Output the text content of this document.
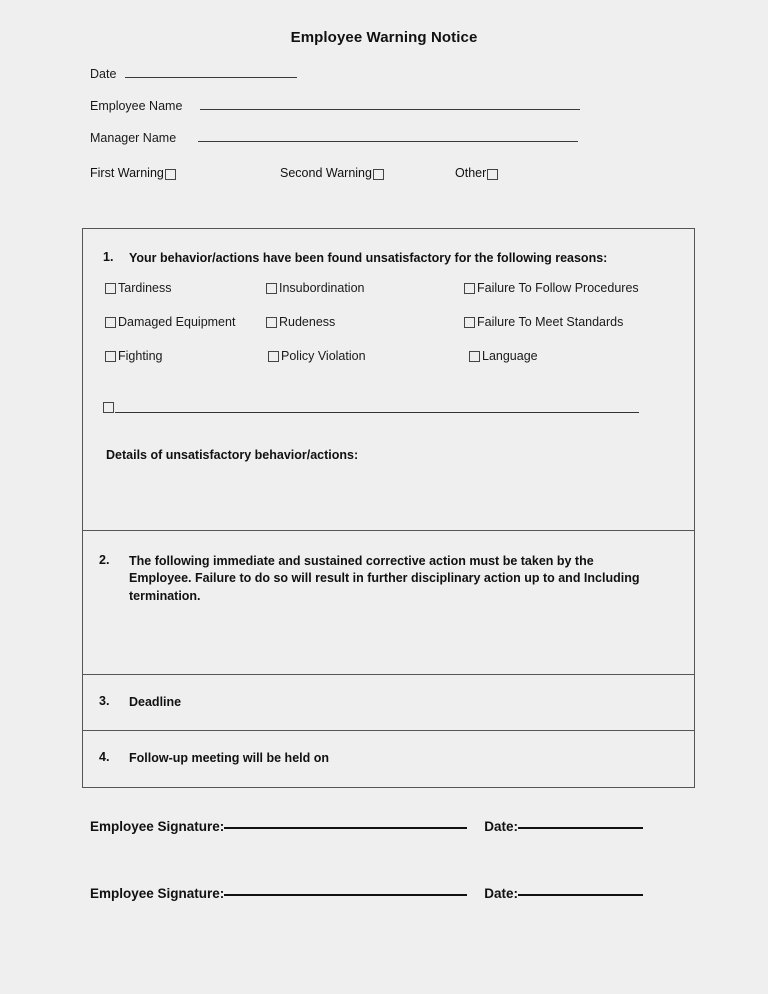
Employee Warning Notice
Date
Employee Name
Manager Name
First Warning	Second Warning	Other
1. Your behavior/actions have been found unsatisfactory for the following reasons:
Tardiness	Insubordination	Failure To Follow Procedures
Damaged Equipment	Rudeness	Failure To Meet Standards
Fighting	Policy Violation	Language
Details of unsatisfactory behavior/actions:
2. The following immediate and sustained corrective action must be taken by the Employee. Failure to do so will result in further disciplinary action up to and Including termination.
3. Deadline
4. Follow-up meeting will be held on
Employee Signature:	Date:
Employee Signature:	Date:
